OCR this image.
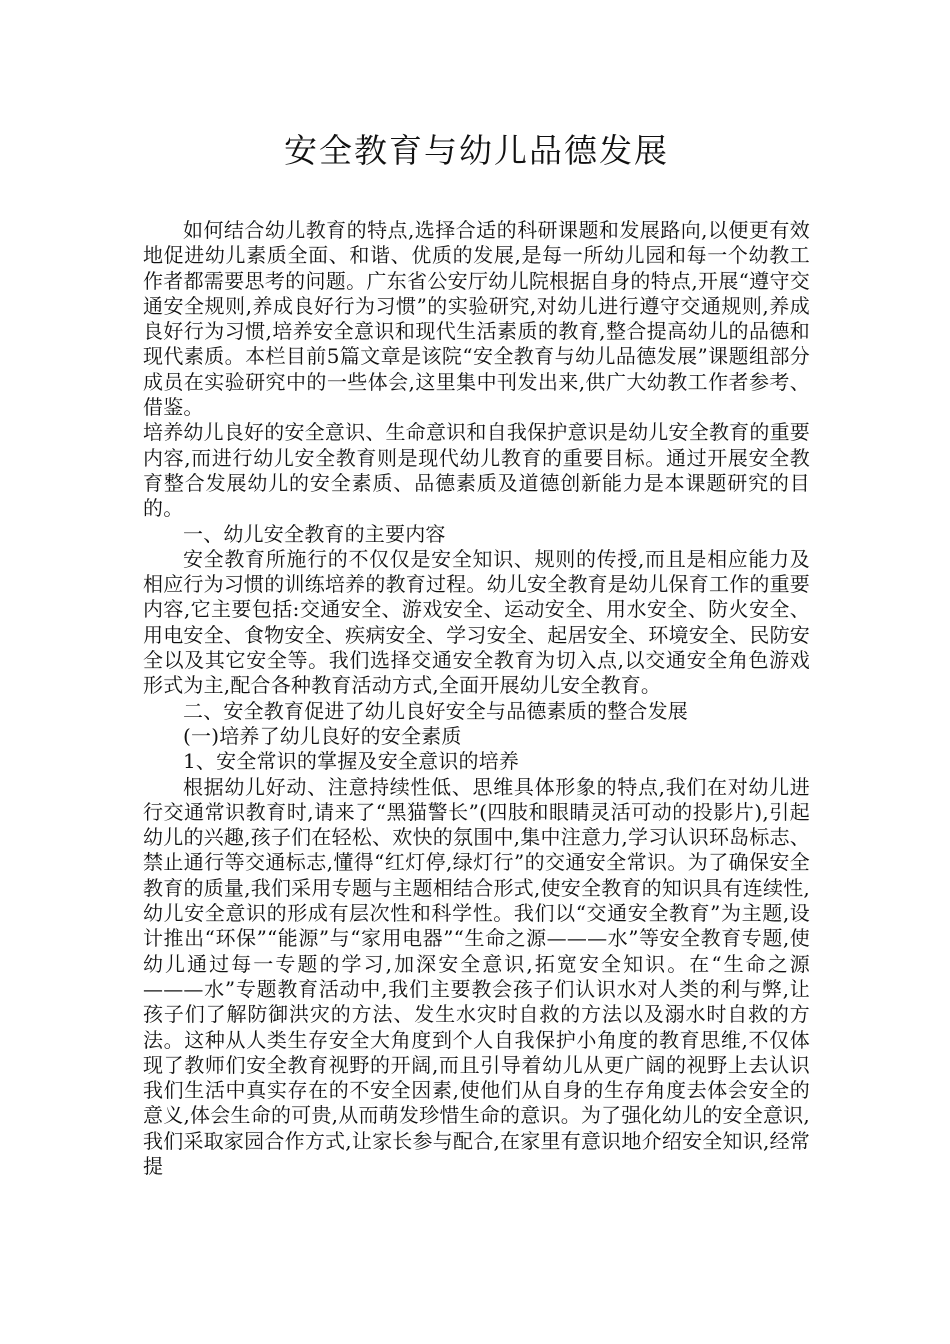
安全教育与幼儿品德发展

如何结合幼儿教育的特点,选择合适的科研课题和发展路向,以便更有效地促进幼儿素质全面、和谐、优质的发展,是每一所幼儿园和每一个幼教工作者都需要思考的问题。广东省公安厅幼儿院根据自身的特点,开展“遵守交通安全规则,养成良好行为习惯”的实验研究,对幼儿进行遵守交通规则,养成良好行为习惯,培养安全意识和现代生活素质的教育,整合提高幼儿的品德和现代素质。本栏目前5篇文章是该院“安全教育与幼儿品德发展”课题组部分成员在实验研究中的一些体会,这里集中刊发出来,供广大幼教工作者参考、借鉴。

培养幼儿良好的安全意识、生命意识和自我保护意识是幼儿安全教育的重要内容,而进行幼儿安全教育则是现代幼儿教育的重要目标。通过开展安全教育整合发展幼儿的安全素质、品德素质及道德创新能力是本课题研究的目的。

一、幼儿安全教育的主要内容

安全教育所施行的不仅仅是安全知识、规则的传授,而且是相应能力及相应行为习惯的训练培养的教育过程。幼儿安全教育是幼儿保育工作的重要内容,它主要包括:交通安全、游戏安全、运动安全、用水安全、防火安全、用电安全、食物安全、疾病安全、学习安全、起居安全、环境安全、民防安全以及其它安全等。我们选择交通安全教育为切入点,以交通安全角色游戏形式为主,配合各种教育活动方式,全面开展幼儿安全教育。

二、安全教育促进了幼儿良好安全与品德素质的整合发展

(一)培养了幼儿良好的安全素质

1、安全常识的掌握及安全意识的培养

根据幼儿好动、注意持续性低、思维具体形象的特点,我们在对幼儿进行交通常识教育时,请来了“黑猫警长”(四肢和眼睛灵活可动的投影片),引起幼儿的兴趣,孩子们在轻松、欢快的氛围中,集中注意力,学习认识环岛标志、禁止通行等交通标志,懂得“红灯停,绿灯行”的交通安全常识。为了确保安全教育的质量,我们采用专题与主题相结合形式,使安全教育的知识具有连续性,幼儿安全意识的形成有层次性和科学性。我们以“交通安全教育”为主题,设计推出“环保”“能源”与“家用电器”“生命之源———水”等安全教育专题,使幼儿通过每一专题的学习,加深安全意识,拓宽安全知识。在“生命之源———水”专题教育活动中,我们主要教会孩子们认识水对人类的利与弊,让孩子们了解防御洪灾的方法、发生水灾时自救的方法以及溺水时自救的方法。这种从人类生存安全大角度到个人自我保护小角度的教育思维,不仅体现了教师们安全教育视野的开阔,而且引导着幼儿从更广阔的视野上去认识我们生活中真实存在的不安全因素,使他们从自身的生存角度去体会安全的意义,体会生命的可贵,从而萌发珍惜生命的意识。为了强化幼儿的安全意识,我们采取家园合作方式,让家长参与配合,在家里有意识地介绍安全知识,经常提
